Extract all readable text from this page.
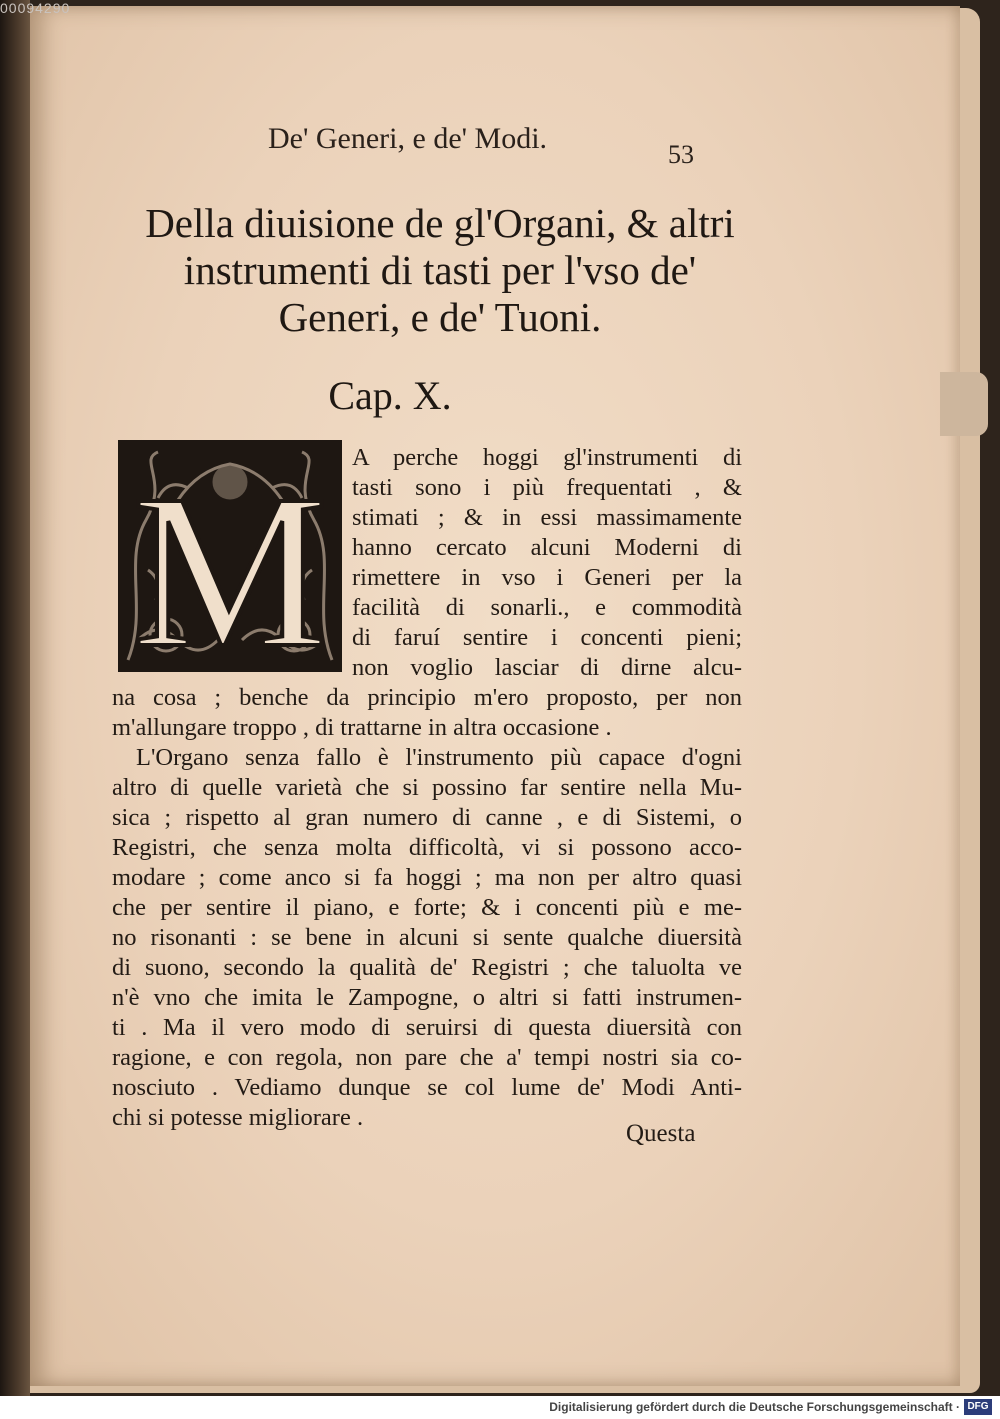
00094290
De' Generi, e de' Modi.	53
Della diuisione de gl'Organi, & altri
instrumenti di tasti per l'vso de'
Generi, e de' Tuoni.
Cap. X.
M A perche hoggi gl'instrumenti di
tasti sono i più frequentati , &
stimati ; & in essi massimamente
hanno cercato alcuni Moderni di
rimettere in vso i Generi per la
facilità di sonarli., e commodità
di faruí sentire i concenti pieni;
non voglio lasciar di dirne alcu-
na cosa ; benche da principio m'ero proposto, per non
m'allungare troppo , di trattarne in altra occasione .
L'Organo senza fallo è l'instrumento più capace d'ogni
altro di quelle varietà che si possino far sentire nella Mu-
sica ; rispetto al gran numero di canne , e di Sistemi, o
Registri, che senza molta difficoltà, vi si possono acco-
modare ; come anco si fa hoggi ; ma non per altro quasi
che per sentire il piano, e forte; & i concenti più e me-
no risonanti : se bene in alcuni si sente qualche diuersità
di suono, secondo la qualità de' Registri ; che taluolta ve
n'è vno che imita le Zampogne, o altri si fatti instrumen-
ti . Ma il vero modo di seruirsi di questa diuersità con
ragione, e con regola, non pare che a' tempi nostri sia co-
nosciuto . Vediamo dunque se col lume de' Modi Anti-
chi si potesse migliorare .
Questa
Digitalisierung gefördert durch die Deutsche Forschungsgemeinschaft · DFG
